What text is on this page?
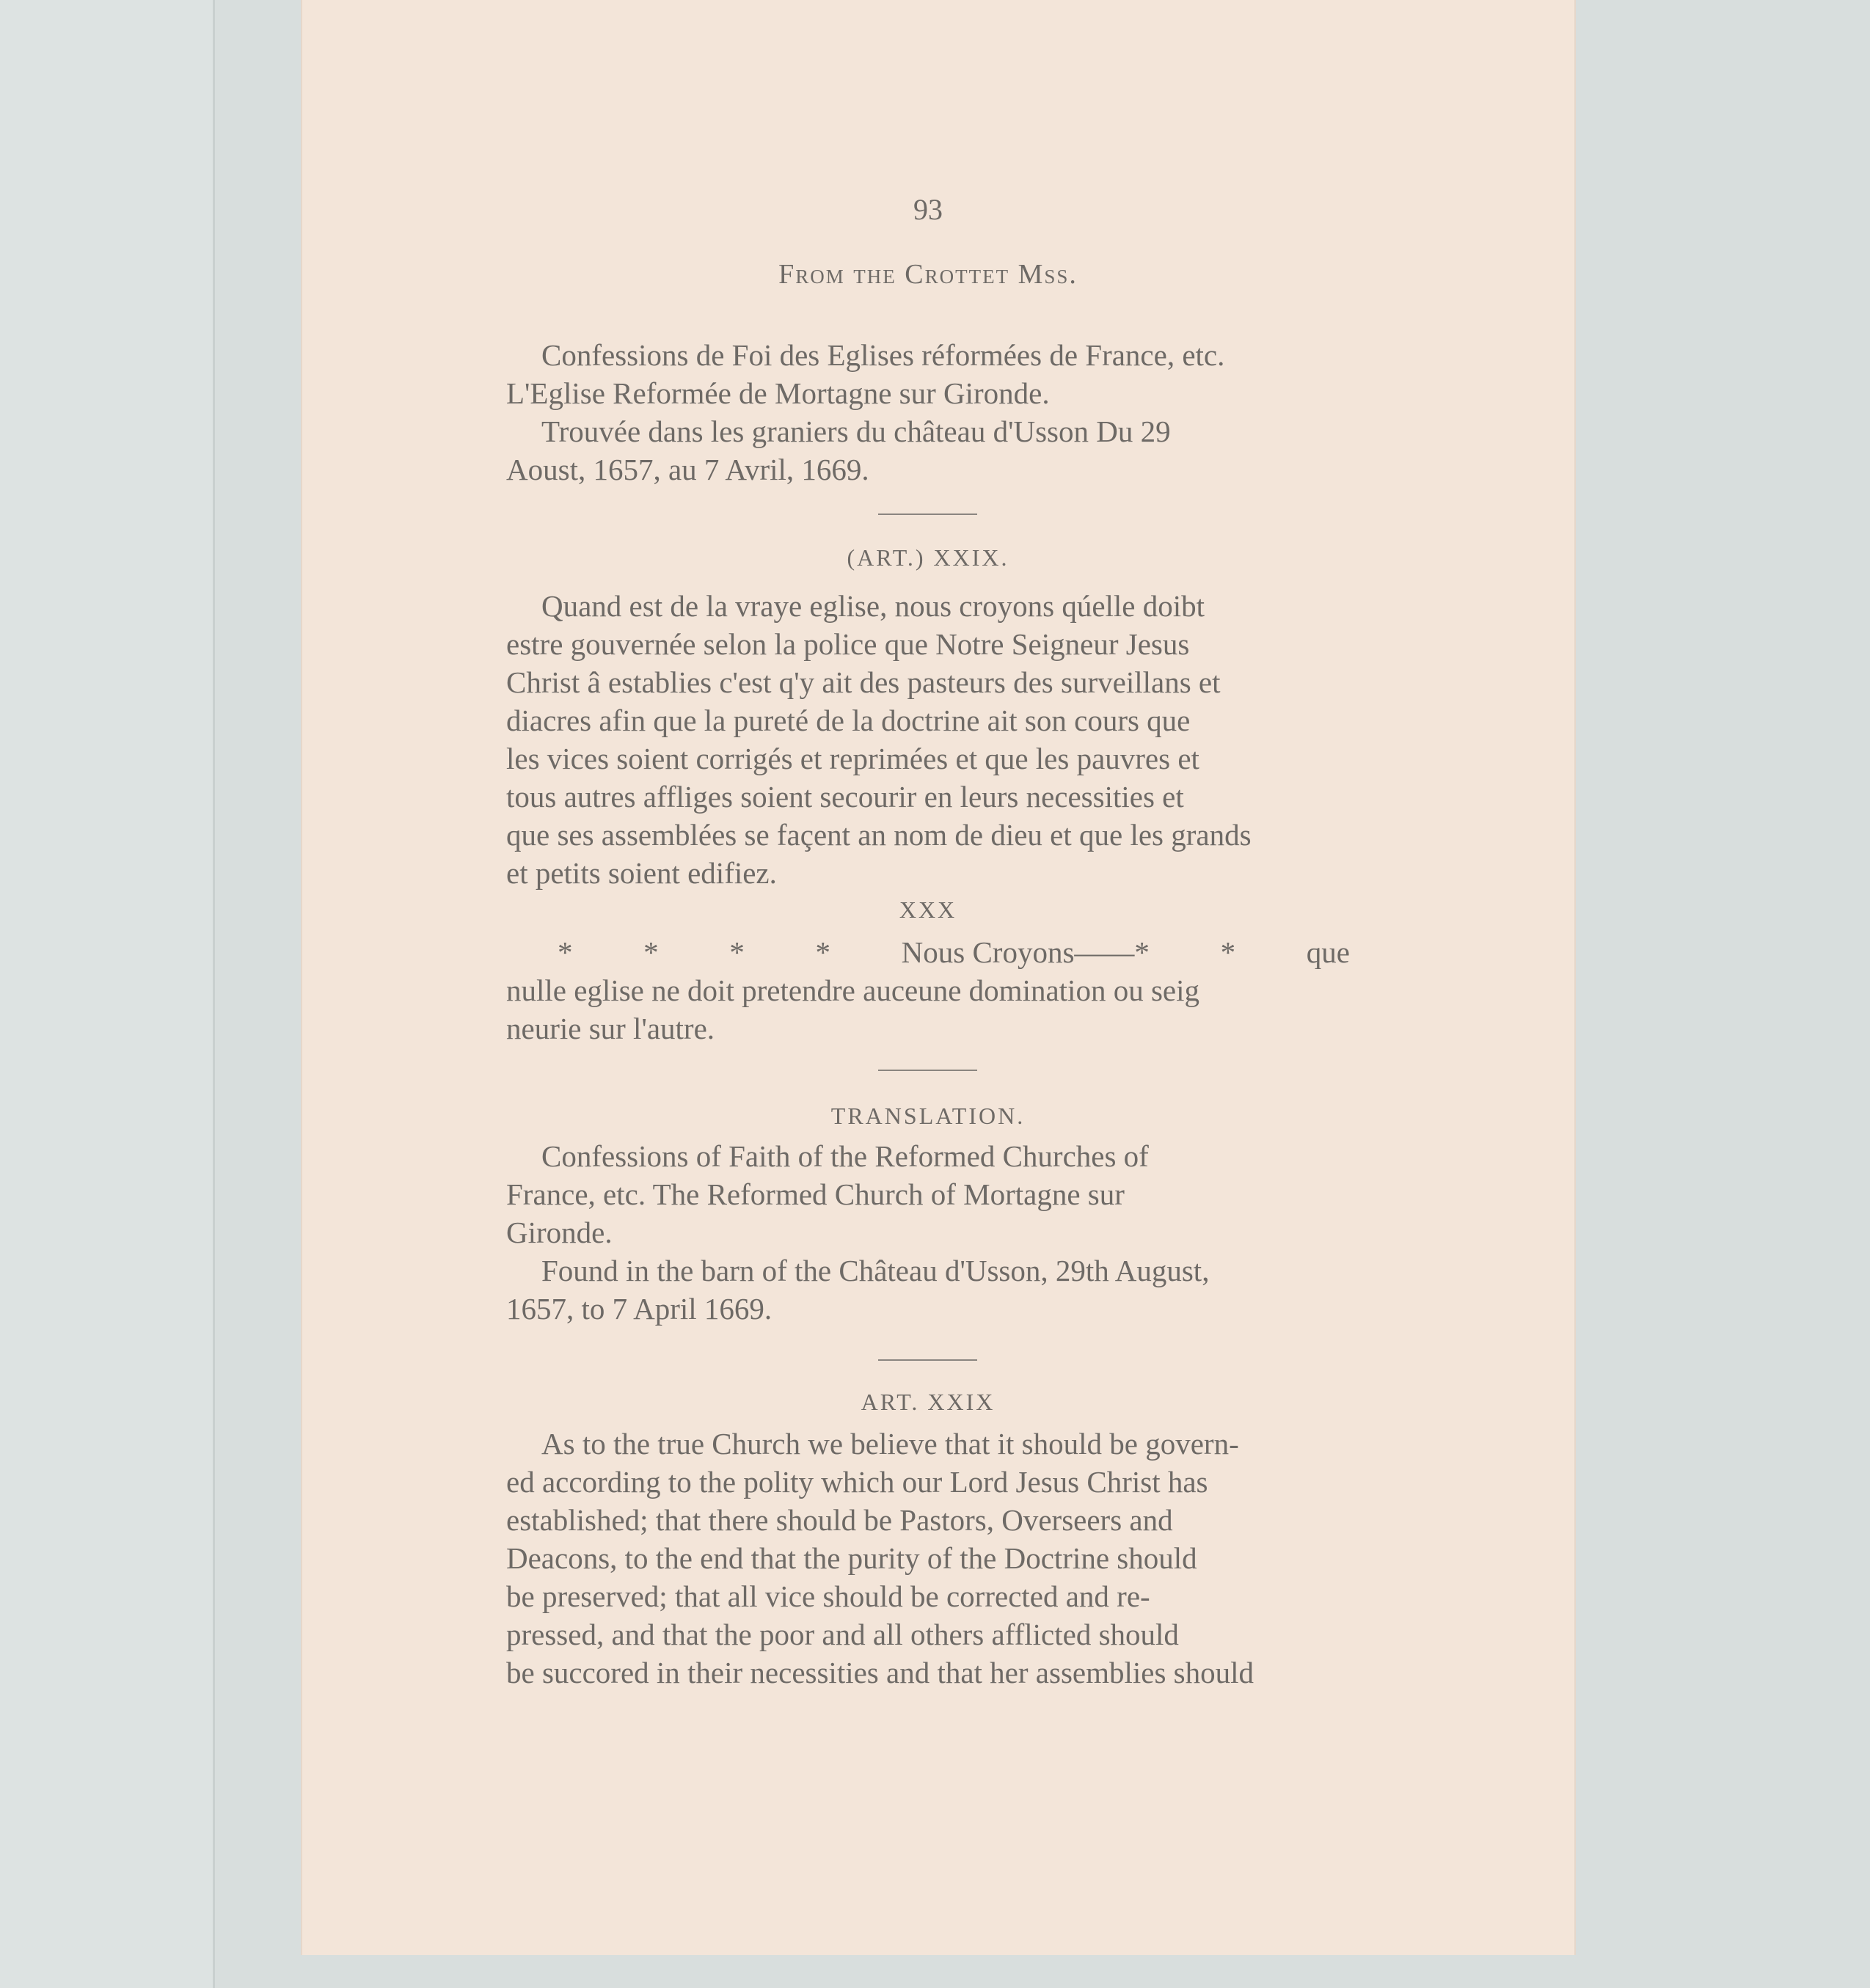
93
From the Crottet Mss.

Confessions de Foi des Eglises réformées de France, etc.

L'Eglise Reformée de Mortagne sur Gironde.

Trouvée dans les graniers du château d'Usson Du 29

Aoust, 1657, au 7 Avril, 1669.

(ART.) XXIX.

Quand est de la vraye eglise, nous croyons qúelle doibt

estre gouvernée selon la police que Notre Seigneur Jesus

Christ â establies c'est q'y ait des pasteurs des surveillans et

diacres afin que la pureté de la doctrine ait son cours que

les vices soient corrigés et reprimées et que les pauvres et

tous autres affliges soient secourir en leurs necessities et

que ses assemblées se façent an nom de dieu et que les grands

et petits soient edifiez.

XXX
* * * * Nous Croyons——* * que

nulle eglise ne doit pretendre auceune domination ou seig

neurie sur l'autre.

TRANSLATION.

Confessions of Faith of the Reformed Churches of

France, etc. The Reformed Church of Mortagne sur

Gironde.

Found in the barn of the Château d'Usson, 29th August,

1657, to 7 April 1669.

ART. XXIX

As to the true Church we believe that it should be govern-

ed according to the polity which our Lord Jesus Christ has

established; that there should be Pastors, Overseers and

Deacons, to the end that the purity of the Doctrine should

be preserved; that all vice should be corrected and re-

pressed, and that the poor and all others afflicted should

be succored in their necessities and that her assemblies should
